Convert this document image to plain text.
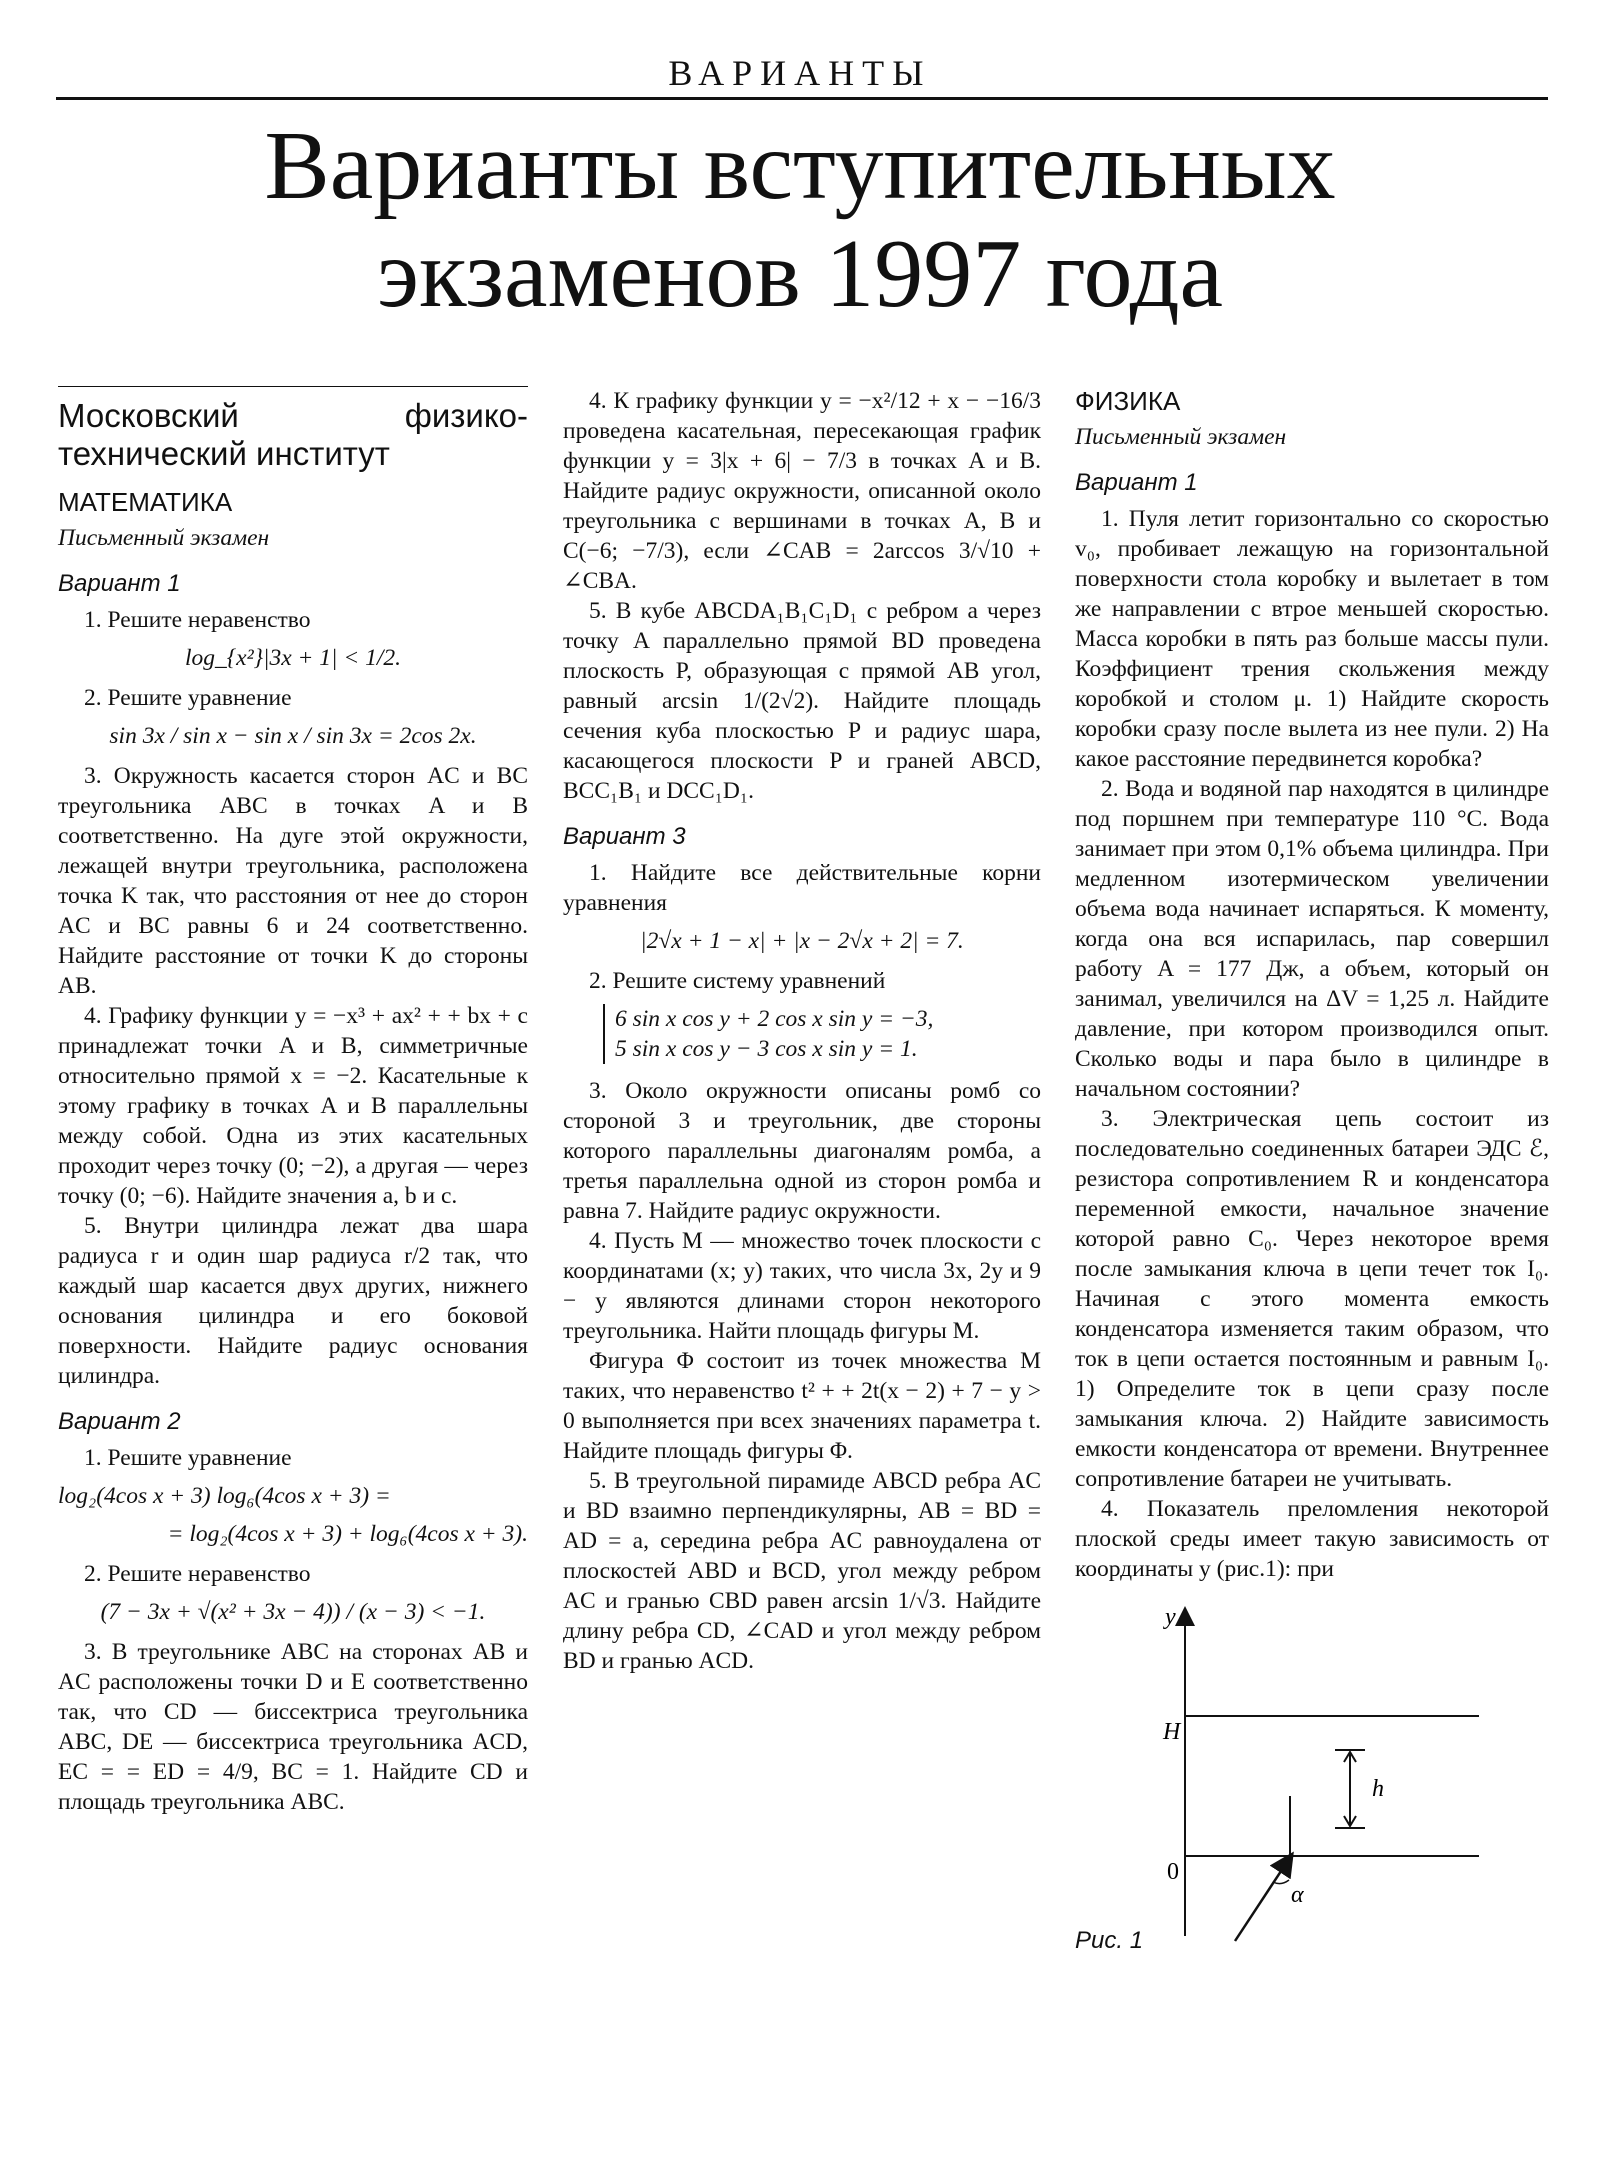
ВАРИАНТЫ
Варианты вступительных
экзаменов 1997 года
Московский физико-технический институт
МАТЕМАТИКА
Письменный экзамен
Вариант 1

1. Решите неравенство

log_{x²}|3x + 1| < 1/2.

2. Решите уравнение

sin 3x / sin x − sin x / sin 3x = 2cos 2x.

3. Окружность касается сторон AC и BC треугольника ABC в точках A и B соответственно. На дуге этой окружности, лежащей внутри треугольника, расположена точка K так, что расстояния от нее до сторон AC и BC равны 6 и 24 соответственно. Найдите расстояние от точки K до стороны AB.

4. Графику функции y = −x³ + ax² + + bx + c принадлежат точки A и B, симметричные относительно прямой x = −2. Касательные к этому графику в точках A и B параллельны между собой. Одна из этих касательных проходит через точку (0; −2), а другая — через точку (0; −6). Найдите значения a, b и c.

5. Внутри цилиндра лежат два шара радиуса r и один шар радиуса r/2 так, что каждый шар касается двух других, нижнего основания цилиндра и его боковой поверхности. Найдите радиус основания цилиндра.

Вариант 2

1. Решите уравнение

log₂(4cos x + 3) log₆(4cos x + 3) =
= log₂(4cos x + 3) + log₆(4cos x + 3).

2. Решите неравенство

(7 − 3x + √(x² + 3x − 4)) / (x − 3) < −1.

3. В треугольнике ABC на сторонах AB и AC расположены точки D и E соответственно так, что CD — биссектриса треугольника ABC, DE — биссектриса треугольника ACD, EC = = ED = 4/9, BC = 1. Найдите CD и площадь треугольника ABC.

4. К графику функции y = −x²/12 + x − −16/3 проведена касательная, пересекающая график функции y = 3|x + 6| − 7/3 в точках A и B. Найдите радиус окружности, описанной около треугольника с вершинами в точках A, B и C(−6; −7/3), если ∠CAB = 2arccos 3/√10 + ∠CBA.

5. В кубе ABCDA₁B₁C₁D₁ с ребром a через точку A параллельно прямой BD проведена плоскость P, образующая с прямой AB угол, равный arcsin 1/(2√2). Найдите площадь сечения куба плоскостью P и радиус шара, касающегося плоскости P и граней ABCD, BCC₁B₁ и DCC₁D₁.

Вариант 3

1. Найдите все действительные корни уравнения

|2√x + 1 − x| + |x − 2√x + 2| = 7.

2. Решите систему уравнений

6 sin x cos y + 2 cos x sin y = −3,
5 sin x cos y − 3 cos x sin y = 1.

3. Около окружности описаны ромб со стороной 3 и треугольник, две стороны которого параллельны диагоналям ромба, а третья параллельна одной из сторон ромба и равна 7. Найдите радиус окружности.

4. Пусть M — множество точек плоскости с координатами (x; y) таких, что числа 3x, 2y и 9 − y являются длинами сторон некоторого треугольника. Найти площадь фигуры M.

Фигура Φ состоит из точек множества M таких, что неравенство t² + + 2t(x − 2) + 7 − y > 0 выполняется при всех значениях параметра t. Найдите площадь фигуры Φ.

5. В треугольной пирамиде ABCD ребра AC и BD взаимно перпендикулярны, AB = BD = AD = a, середина ребра AC равноудалена от плоскостей ABD и BCD, угол между ребром AC и гранью CBD равен arcsin 1/√3. Найдите длину ребра CD, ∠CAD и угол между ребром BD и гранью ACD.

ФИЗИКА
Письменный экзамен
Вариант 1

1. Пуля летит горизонтально со скоростью v₀, пробивает лежащую на горизонтальной поверхности стола коробку и вылетает в том же направлении с втрое меньшей скоростью. Масса коробки в пять раз больше массы пули. Коэффициент трения скольжения между коробкой и столом μ. 1) Найдите скорость коробки сразу после вылета из нее пули. 2) На какое расстояние передвинется коробка?

2. Вода и водяной пар находятся в цилиндре под поршнем при температуре 110 °C. Вода занимает при этом 0,1% объема цилиндра. При медленном изотермическом увеличении объема вода начинает испаряться. К моменту, когда она вся испарилась, пар совершил работу A = 177 Дж, а объем, который он занимал, увеличился на ΔV = 1,25 л. Найдите давление, при котором производился опыт. Сколько воды и пара было в цилиндре в начальном состоянии?

3. Электрическая цепь состоит из последовательно соединенных батареи ЭДС ℰ, резистора сопротивлением R и конденсатора переменной емкости, начальное значение которой равно C₀. Через некоторое время после замыкания ключа в цепи течет ток I₀. Начиная с этого момента емкость конденсатора изменяется таким образом, что ток в цепи остается постоянным и равным I₀. 1) Определите ток в цепи сразу после замыкания ключа. 2) Найдите зависимость емкости конденсатора от времени. Внутреннее сопротивление батареи не учитывать.

4. Показатель преломления некоторой плоской среды имеет такую зависимость от координаты y (рис.1): при

y
H
0
h
α
Рис. 1
